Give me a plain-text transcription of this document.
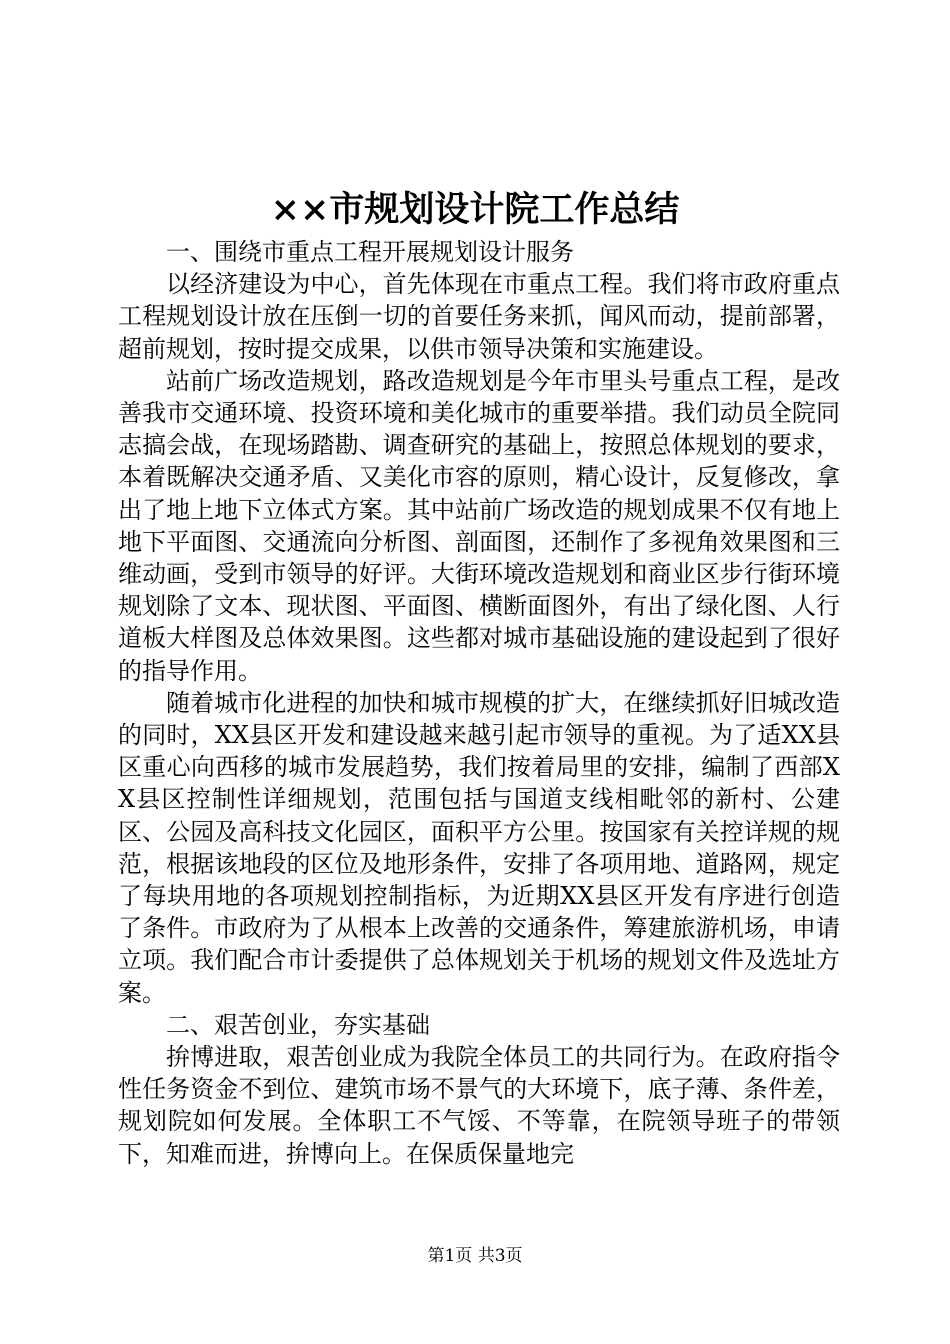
××市规划设计院工作总结

一、围绕市重点工程开展规划设计服务

以经济建设为中心，首先体现在市重点工程。我们将市政府重点工程规划设计放在压倒一切的首要任务来抓，闻风而动，提前部署，超前规划，按时提交成果，以供市领导决策和实施建设。

站前广场改造规划，路改造规划是今年市里头号重点工程，是改善我市交通环境、投资环境和美化城市的重要举措。我们动员全院同志搞会战，在现场踏勘、调查研究的基础上，按照总体规划的要求，本着既解决交通矛盾、又美化市容的原则，精心设计，反复修改，拿出了地上地下立体式方案。其中站前广场改造的规划成果不仅有地上地下平面图、交通流向分析图、剖面图，还制作了多视角效果图和三维动画，受到市领导的好评。大街环境改造规划和商业区步行街环境规划除了文本、现状图、平面图、横断面图外，有出了绿化图、人行道板大样图及总体效果图。这些都对城市基础设施的建设起到了很好的指导作用。

随着城市化进程的加快和城市规模的扩大，在继续抓好旧城改造的同时，XX县区开发和建设越来越引起市领导的重视。为了适XX县区重心向西移的城市发展趋势，我们按着局里的安排，编制了西部XX县区控制性详细规划，范围包括与国道支线相毗邻的新村、公建区、公园及高科技文化园区，面积平方公里。按国家有关控详规的规范，根据该地段的区位及地形条件，安排了各项用地、道路网，规定了每块用地的各项规划控制指标，为近期XX县区开发有序进行创造了条件。市政府为了从根本上改善的交通条件，筹建旅游机场，申请立项。我们配合市计委提供了总体规划关于机场的规划文件及选址方案。

二、艰苦创业，夯实基础

拚博进取，艰苦创业成为我院全体员工的共同行为。在政府指令性任务资金不到位、建筑市场不景气的大环境下，底子薄、条件差，规划院如何发展。全体职工不气馁、不等靠，在院领导班子的带领下，知难而进，拚博向上。在保质保量地完

第1页 共3页
